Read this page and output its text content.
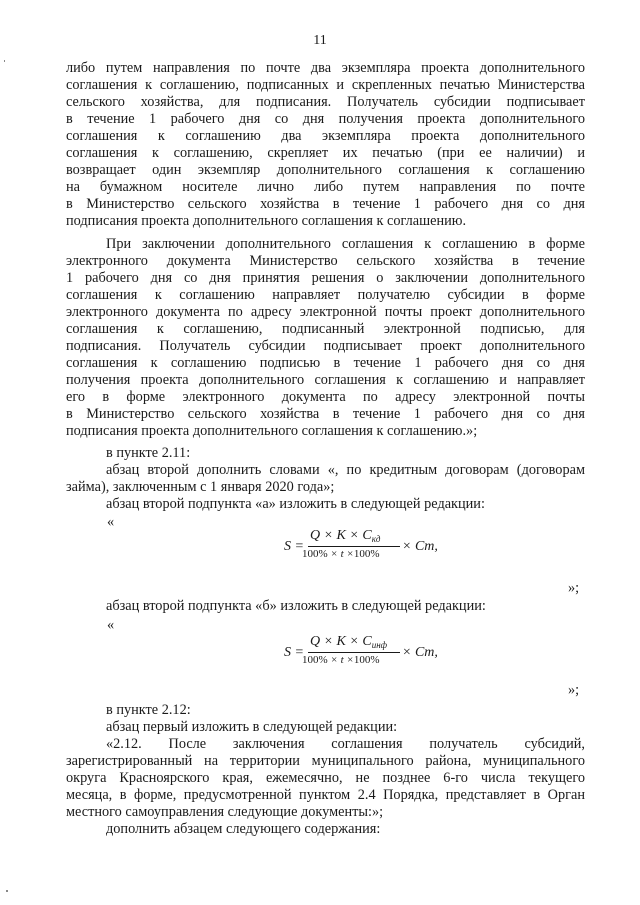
11
либо путем направления по почте два экземпляра проекта дополнительного
соглашения к соглашению, подписанных и скрепленных печатью Министерства
сельского хозяйства, для подписания. Получатель субсидии подписывает
в течение 1 рабочего дня со дня получения проекта дополнительного
соглашения к соглашению два экземпляра проекта дополнительного
соглашения к соглашению, скрепляет их печатью (при ее наличии) и
возвращает один экземпляр дополнительного соглашения к соглашению
на бумажном носителе лично либо путем направления по почте
в Министерство сельского хозяйства в течение 1 рабочего дня со дня
подписания проекта дополнительного соглашения к соглашению.
При заключении дополнительного соглашения к соглашению в форме
электронного документа Министерство сельского хозяйства в течение
1 рабочего дня со дня принятия решения о заключении дополнительного
соглашения к соглашению направляет получателю субсидии в форме
электронного документа по адресу электронной почты проект дополнительного
соглашения к соглашению, подписанный электронной подписью, для
подписания. Получатель субсидии подписывает проект дополнительного
соглашения к соглашению подписью в течение 1 рабочего дня со дня
получения проекта дополнительного соглашения к соглашению и направляет
его в форме электронного документа по адресу электронной почты
в Министерство сельского хозяйства в течение 1 рабочего дня со дня
подписания проекта дополнительного соглашения к соглашению.»;
в пункте 2.11:
абзац второй дополнить словами «, по кредитным договорам (договорам
займа), заключенным с 1 января 2020 года»;
абзац второй подпункта «а» изложить в следующей редакции:
«
S =
$Q \times K \times C_{кд}$
100% × t ×100% × Cm,
»;
абзац второй подпункта «б» изложить в следующей редакции:
«
S =
$Q \times K \times C_{инф}$
100% × t ×100% × Cm,
»;
в пункте 2.12:
абзац первый изложить в следующей редакции:
«2.12. После заключения соглашения получатель субсидий,
зарегистрированный на территории муниципального района, муниципального
округа Красноярского края, ежемесячно, не позднее 6-го числа текущего
месяца, в форме, предусмотренной пунктом 2.4 Порядка, представляет в Орган
местного самоуправления следующие документы:»;
дополнить абзацем следующего содержания:
